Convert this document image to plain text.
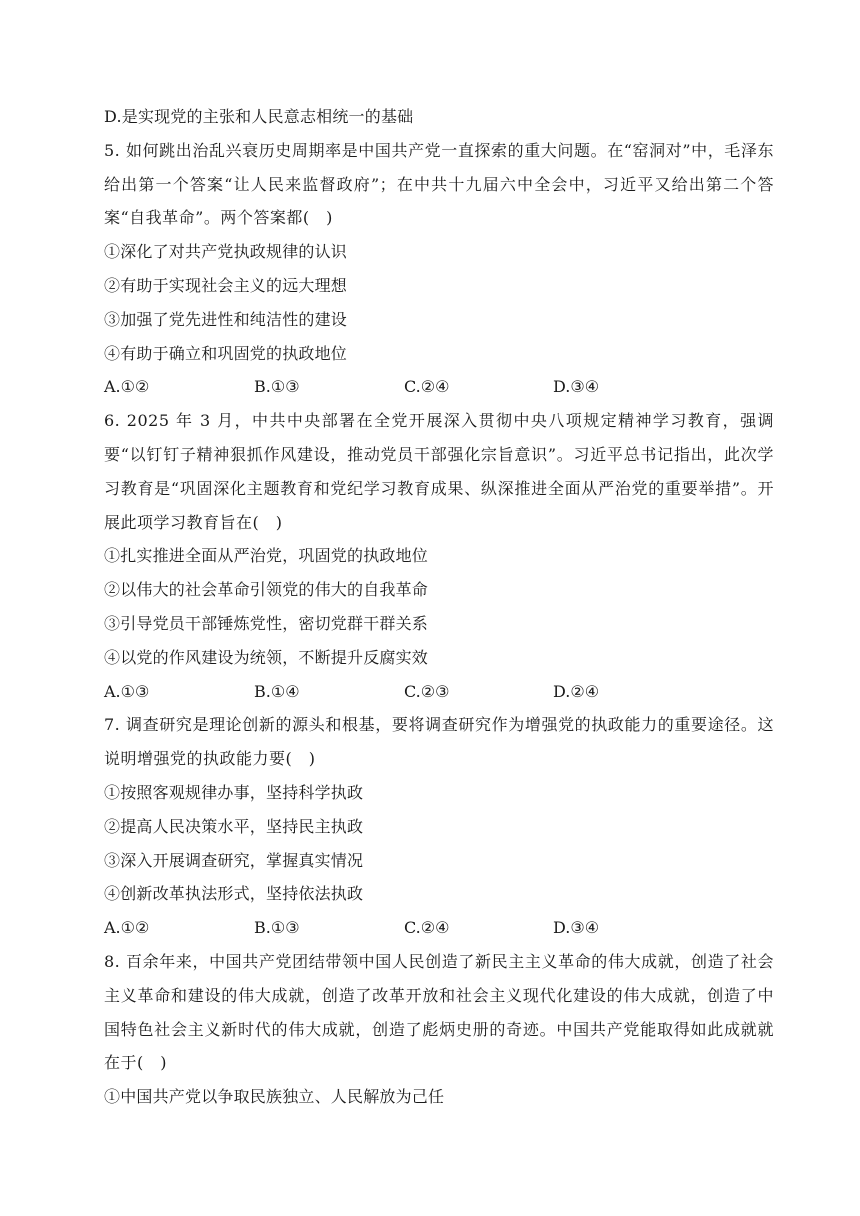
D.是实现党的主张和人民意志相统一的基础
5. 如何跳出治乱兴衰历史周期率是中国共产党一直探索的重大问题。在“窑洞对”中，毛泽东给出第一个答案“让人民来监督政府”；在中共十九届六中全会中，习近平又给出第二个答案“自我革命”。两个答案都(　)
①深化了对共产党执政规律的认识
②有助于实现社会主义的远大理想
③加强了党先进性和纯洁性的建设
④有助于确立和巩固党的执政地位
A.①②	B.①③	C.②④	D.③④
6. 2025 年 3 月，中共中央部署在全党开展深入贯彻中央八项规定精神学习教育，强调要“以钉钉子精神狠抓作风建设，推动党员干部强化宗旨意识”。习近平总书记指出，此次学习教育是“巩固深化主题教育和党纪学习教育成果、纵深推进全面从严治党的重要举措”。开展此项学习教育旨在(　)
①扎实推进全面从严治党，巩固党的执政地位
②以伟大的社会革命引领党的伟大的自我革命
③引导党员干部锤炼党性，密切党群干群关系
④以党的作风建设为统领，不断提升反腐实效
A.①③	B.①④	C.②③	D.②④
7. 调查研究是理论创新的源头和根基，要将调查研究作为增强党的执政能力的重要途径。这说明增强党的执政能力要(　)
①按照客观规律办事，坚持科学执政
②提高人民决策水平，坚持民主执政
③深入开展调查研究，掌握真实情况
④创新改革执法形式，坚持依法执政
A.①②	B.①③	C.②④	D.③④
8. 百余年来，中国共产党团结带领中国人民创造了新民主主义革命的伟大成就，创造了社会主义革命和建设的伟大成就，创造了改革开放和社会主义现代化建设的伟大成就，创造了中国特色社会主义新时代的伟大成就，创造了彪炳史册的奇迹。中国共产党能取得如此成就就在于(　)
①中国共产党以争取民族独立、人民解放为己任
